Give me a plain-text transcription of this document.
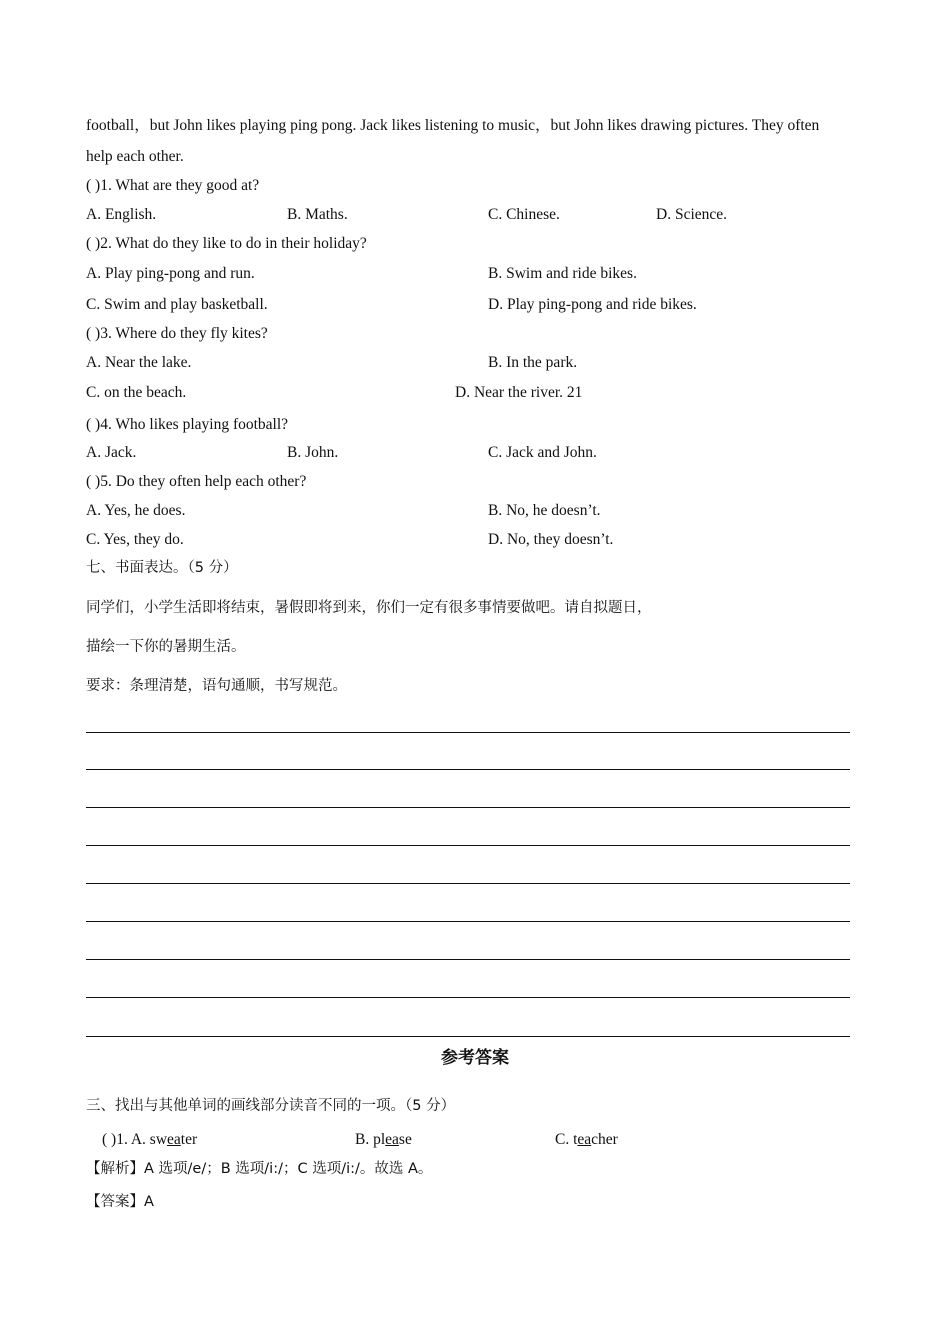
football，but John likes playing ping pong. Jack likes listening to music，but John likes drawing pictures. They often
help each other.
( )1. What are they good at?
A. English.	B. Maths.	C. Chinese.	D. Science.
( )2. What do they like to do in their holiday?
A. Play ping-pong and run.	B. Swim and ride bikes.
C. Swim and play basketball.	D. Play ping-pong and ride bikes.
( )3. Where do they fly kites?
A. Near the lake.	B. In the park.
C. on the beach.	D. Near the river. 21
( )4. Who likes playing football?
A. Jack.	B. John.	C. Jack and John.
( )5. Do they often help each other?
A. Yes, he does.	B. No, he doesn’t.
C. Yes, they do.	D. No, they doesn’t.
七、书面表达。（5 分）
同学们，小学生活即将结束，暑假即将到来，你们一定有很多事情要做吧。请自拟题日，
描绘一下你的暑期生活。
要求：条理清楚，语句通顺，书写规范。
参考答案
三、找出与其他单词的画线部分读音不同的一项。（5 分）
( )1. A. sweater	B. please	C. teacher
【解析】A 选项/e/；B 选项/i:/；C 选项/i:/。故选 A。
【答案】A
